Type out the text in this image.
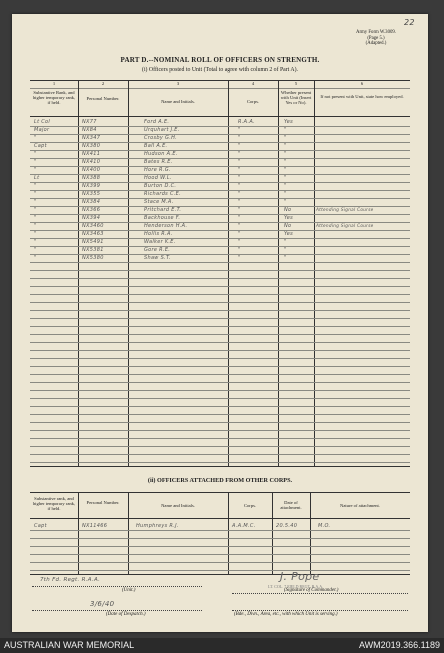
22
Army Form W.3009.
(Page 5.)
(Adapted.)
PART D.--NOMINAL ROLL OF OFFICERS ON STRENGTH.
(i) Officers posted to Unit (Total to agree with column 2 of Part A).
1	2	3	4	5	6
Substantive Rank, and higher temporary rank, if held.
Personal Number.
Name and Initials.	Corps.
Whether present with Unit (Insert Yes or No).
If not present with Unit, state how employed.
Lt Col	NX77	Ford A.E.	R.A.A.	Yes
Major	NX84	Urquhart J.E.	"	"
"	NX347	Crosby G.H.	"	"
Capt	NX380	Ball A.E.	"	"
"	NX411	Hudson A.E.	"	"
"	NX410	Bates R.E.	"	"
"	NX400	Hore R.G.	"	"
Lt	NX388	Hood W.L.	"	"
"	NX399	Burton D.C.	"	"
"	NX355	Richards C.E.	"	"
"	NX384	Stace M.A.	"	"
"	NX366	Pritchard E.T.	"	No	Attending Signal Course
"	NX394	Backhouse F.	"	Yes
"	NX3460	Henderson H.A.	"	No	Attending Signal Course
"	NX3463	Hollis R.A.	"	Yes
"	NX5491	Walker K.E.	"	"
"	NX5381	Gore R.E.	"	"
"	NX5380	Shaw S.T.	"	"
(ii) OFFICERS ATTACHED FROM OTHER CORPS.
Substantive rank, and higher temporary rank, if held.
Personal Number.
Name and Initials.	Corps.
Date of attachment.	Nature of attachment.
Capt	NX11466	Humphreys R.J.	A.A.M.C.	20.5.40	M.O.
7th Fd. Regt. R.A.A.
(Unit.)
3/6/40
(Date of Despatch.)
J. Pope
LT. COL. 7 FIELD REGT. R.A.A.
(Signature of Commander.)
(Bde., Divn., Area, etc., with which Unit is serving.)
AUSTRALIAN WAR MEMORIAL	AWM2019.366.1189
